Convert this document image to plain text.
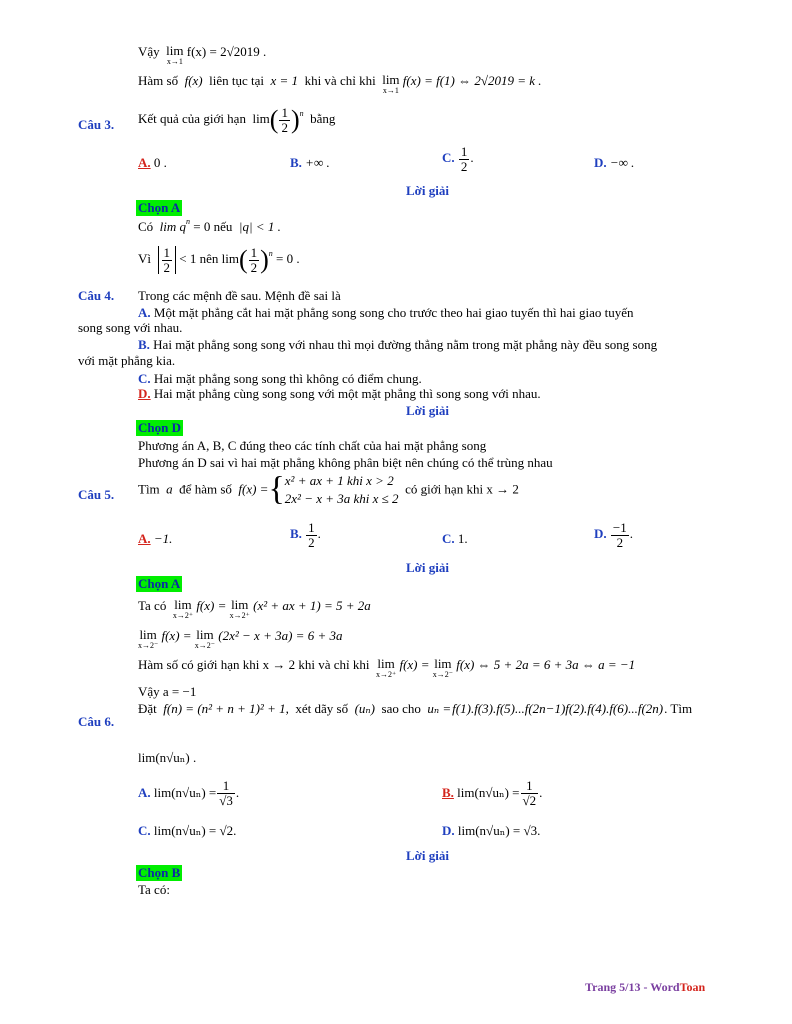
Vậy lim
x→1
f(x) = 2√2019 .
Hàm số f(x) liên tục tại x = 1 khi và chỉ khi lim
x→1
f(x) = f(1) ⇔ 2√2019 = k .
Câu 3. Kết quả của giới hạn $\lim( \frac{1}{2} )^n$ bằng
A. 0 .	B. +∞ .	C. $\frac{1}{2}$ .	D. −∞ .
Lời giải
Chọn A
Có $\lim q^n = 0$ nếu |q| < 1 .
Vì $\frac{1}{2} < 1$ nên $\lim( \frac{1}{2} )^n = 0$ .
Câu 4. Trong các mệnh đề sau. Mệnh đề sai là
A. Một mặt phẳng cắt hai mặt phẳng song song cho trước theo hai giao tuyến thì hai giao tuyến
song song với nhau.
B. Hai mặt phẳng song song với nhau thì mọi đường thẳng nằm trong mặt phẳng này đều song song
với mặt phẳng kia.
C. Hai mặt phẳng song song thì không có điểm chung.
D. Hai mặt phẳng cùng song song với một mặt phẳng thì song song với nhau.
Lời giải
Chọn D
Phương án A, B, C đúng theo các tính chất của hai mặt phẳng song
Phương án D sai vì hai mặt phẳng không phân biệt nên chúng có thể trùng nhau
Câu 5. Tìm a để hàm số f(x) ={ x² + ax + 1 khi x > 2
2x² − x + 3a khi x ≤ 2
có giới hạn khi x → 2
A. −1.	B. $\frac{1}{2}$ .	C. 1.	D. $\frac{-1}{2}$ .
Lời giải
Chọn A
Ta có lim
x→2⁺
f(x) = lim
x→2⁺
(x² + ax + 1) = 5 + 2a
lim
x→2⁻
f(x) = lim
x→2⁻
(2x² − x + 3a) = 6 + 3a
Hàm số có giới hạn khi x → 2 khi và chỉ khi lim
x→2⁺
f(x) = lim
x→2⁻
f(x) ⇔ 5 + 2a = 6 + 3a ⇔ a = −1
Vậy a = −1
Câu 6.
Đặt f(n) = (n² + n + 1)² + 1, xét dãy số (uₙ) sao cho uₙ =f(1).f(3).f(5)...f(2n−1)f(2).f(4).f(6)...f(2n). Tìm
lim(n√uₙ) .
A. $\lim(n√u_n) = \frac{1}{√3}$ .	B. $\lim(n√u_n) = \frac{1}{√2}$ .
C. lim(n√uₙ) = √2.	D. lim(n√uₙ) = √3.
Lời giải
Chọn B
Ta có:
Trang 5/13 - WordToan
